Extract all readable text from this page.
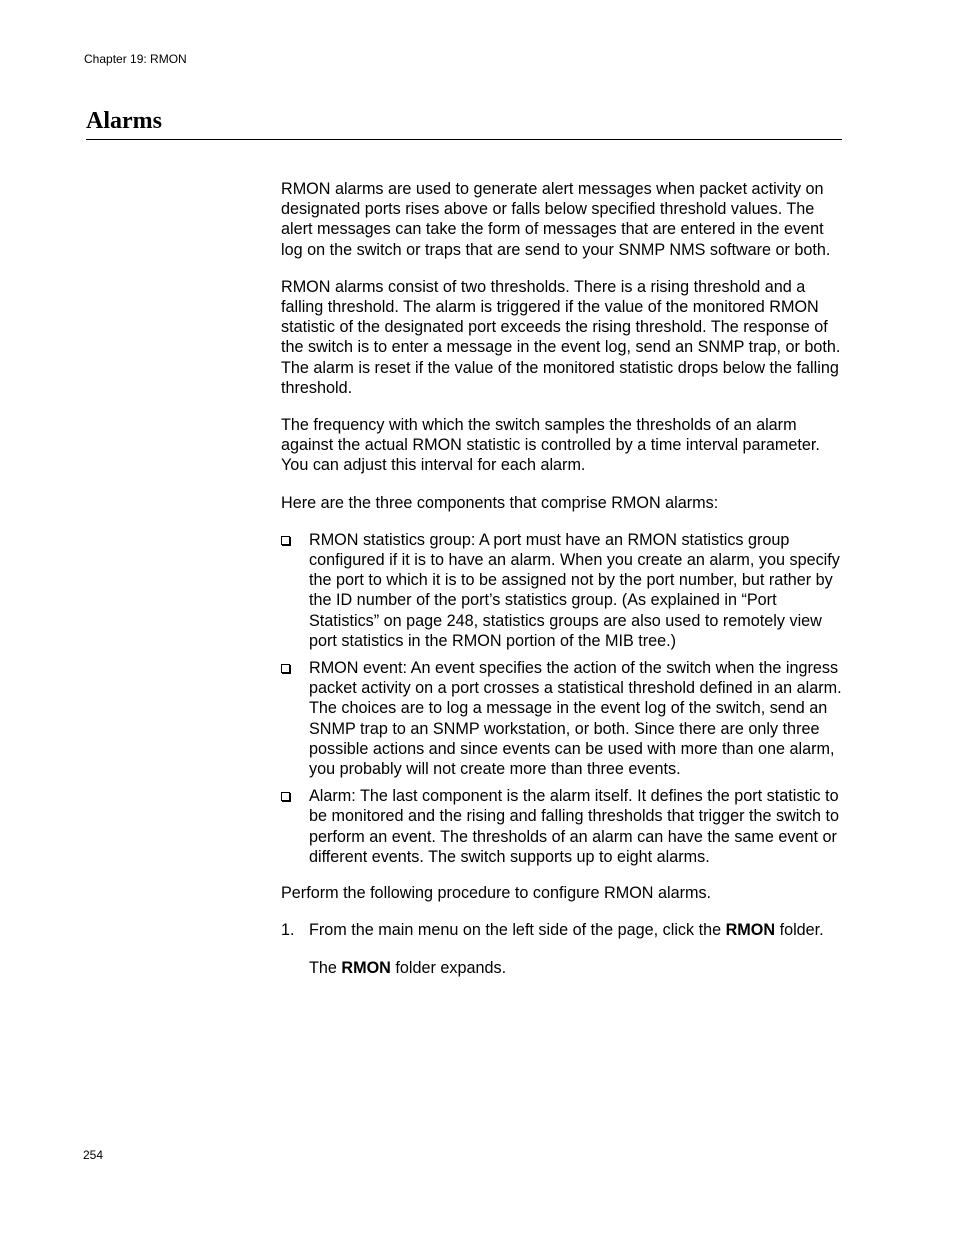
Chapter 19: RMON
Alarms

RMON alarms are used to generate alert messages when packet activity on designated ports rises above or falls below specified threshold values. The alert messages can take the form of messages that are entered in the event log on the switch or traps that are send to your SNMP NMS software or both.

RMON alarms consist of two thresholds. There is a rising threshold and a falling threshold. The alarm is triggered if the value of the monitored RMON statistic of the designated port exceeds the rising threshold. The response of the switch is to enter a message in the event log, send an SNMP trap, or both. The alarm is reset if the value of the monitored statistic drops below the falling threshold.

The frequency with which the switch samples the thresholds of an alarm against the actual RMON statistic is controlled by a time interval parameter. You can adjust this interval for each alarm.

Here are the three components that comprise RMON alarms:

RMON statistics group: A port must have an RMON statistics group configured if it is to have an alarm. When you create an alarm, you specify the port to which it is to be assigned not by the port number, but rather by the ID number of the port’s statistics group. (As explained in “Port Statistics” on page 248, statistics groups are also used to remotely view port statistics in the RMON portion of the MIB tree.)
RMON event: An event specifies the action of the switch when the ingress packet activity on a port crosses a statistical threshold defined in an alarm. The choices are to log a message in the event log of the switch, send an SNMP trap to an SNMP workstation, or both. Since there are only three possible actions and since events can be used with more than one alarm, you probably will not create more than three events.
Alarm: The last component is the alarm itself. It defines the port statistic to be monitored and the rising and falling thresholds that trigger the switch to perform an event. The thresholds of an alarm can have the same event or different events. The switch supports up to eight alarms.

Perform the following procedure to configure RMON alarms.

1. From the main menu on the left side of the page, click the RMON folder.

The RMON folder expands.

254
